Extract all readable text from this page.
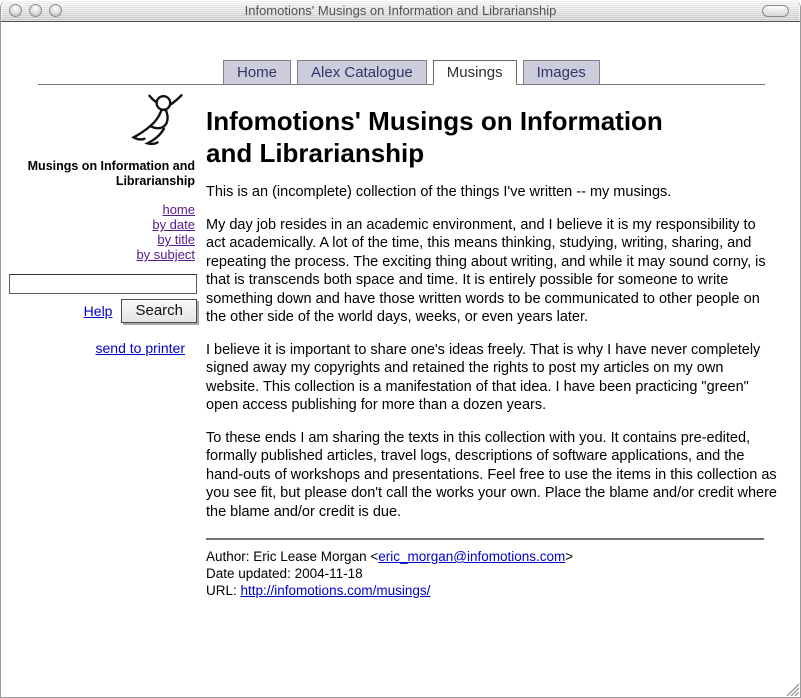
Infomotions' Musings on Information and Librarianship
Home	Alex Catalogue	Musings	Images
Musings on Information and Librarianship
home
by date
by title
by subject
Help	Search
send to printer
Infomotions' Musings on Information and Librarianship

This is an (incomplete) collection of the things I've written -- my musings.

My day job resides in an academic environment, and I believe it is my responsibility to act academically. A lot of the time, this means thinking, studying, writing, sharing, and repeating the process. The exciting thing about writing, and while it may sound corny, is that is transcends both space and time. It is entirely possible for someone to write something down and have those written words to be communicated to other people on the other side of the world days, weeks, or even years later.

I believe it is important to share one's ideas freely. That is why I have never completely signed away my copyrights and retained the rights to post my articles on my own website. This collection is a manifestation of that idea. I have been practicing "green" open access publishing for more than a dozen years.

To these ends I am sharing the texts in this collection with you. It contains pre-edited, formally published articles, travel logs, descriptions of software applications, and the hand-outs of workshops and presentations. Feel free to use the items in this collection as you see fit, but please don't call the works your own. Place the blame and/or credit where the blame and/or credit is due.

Author: Eric Lease Morgan <eric_morgan@infomotions.com>
Date updated: 2004-11-18
URL: http://infomotions.com/musings/
